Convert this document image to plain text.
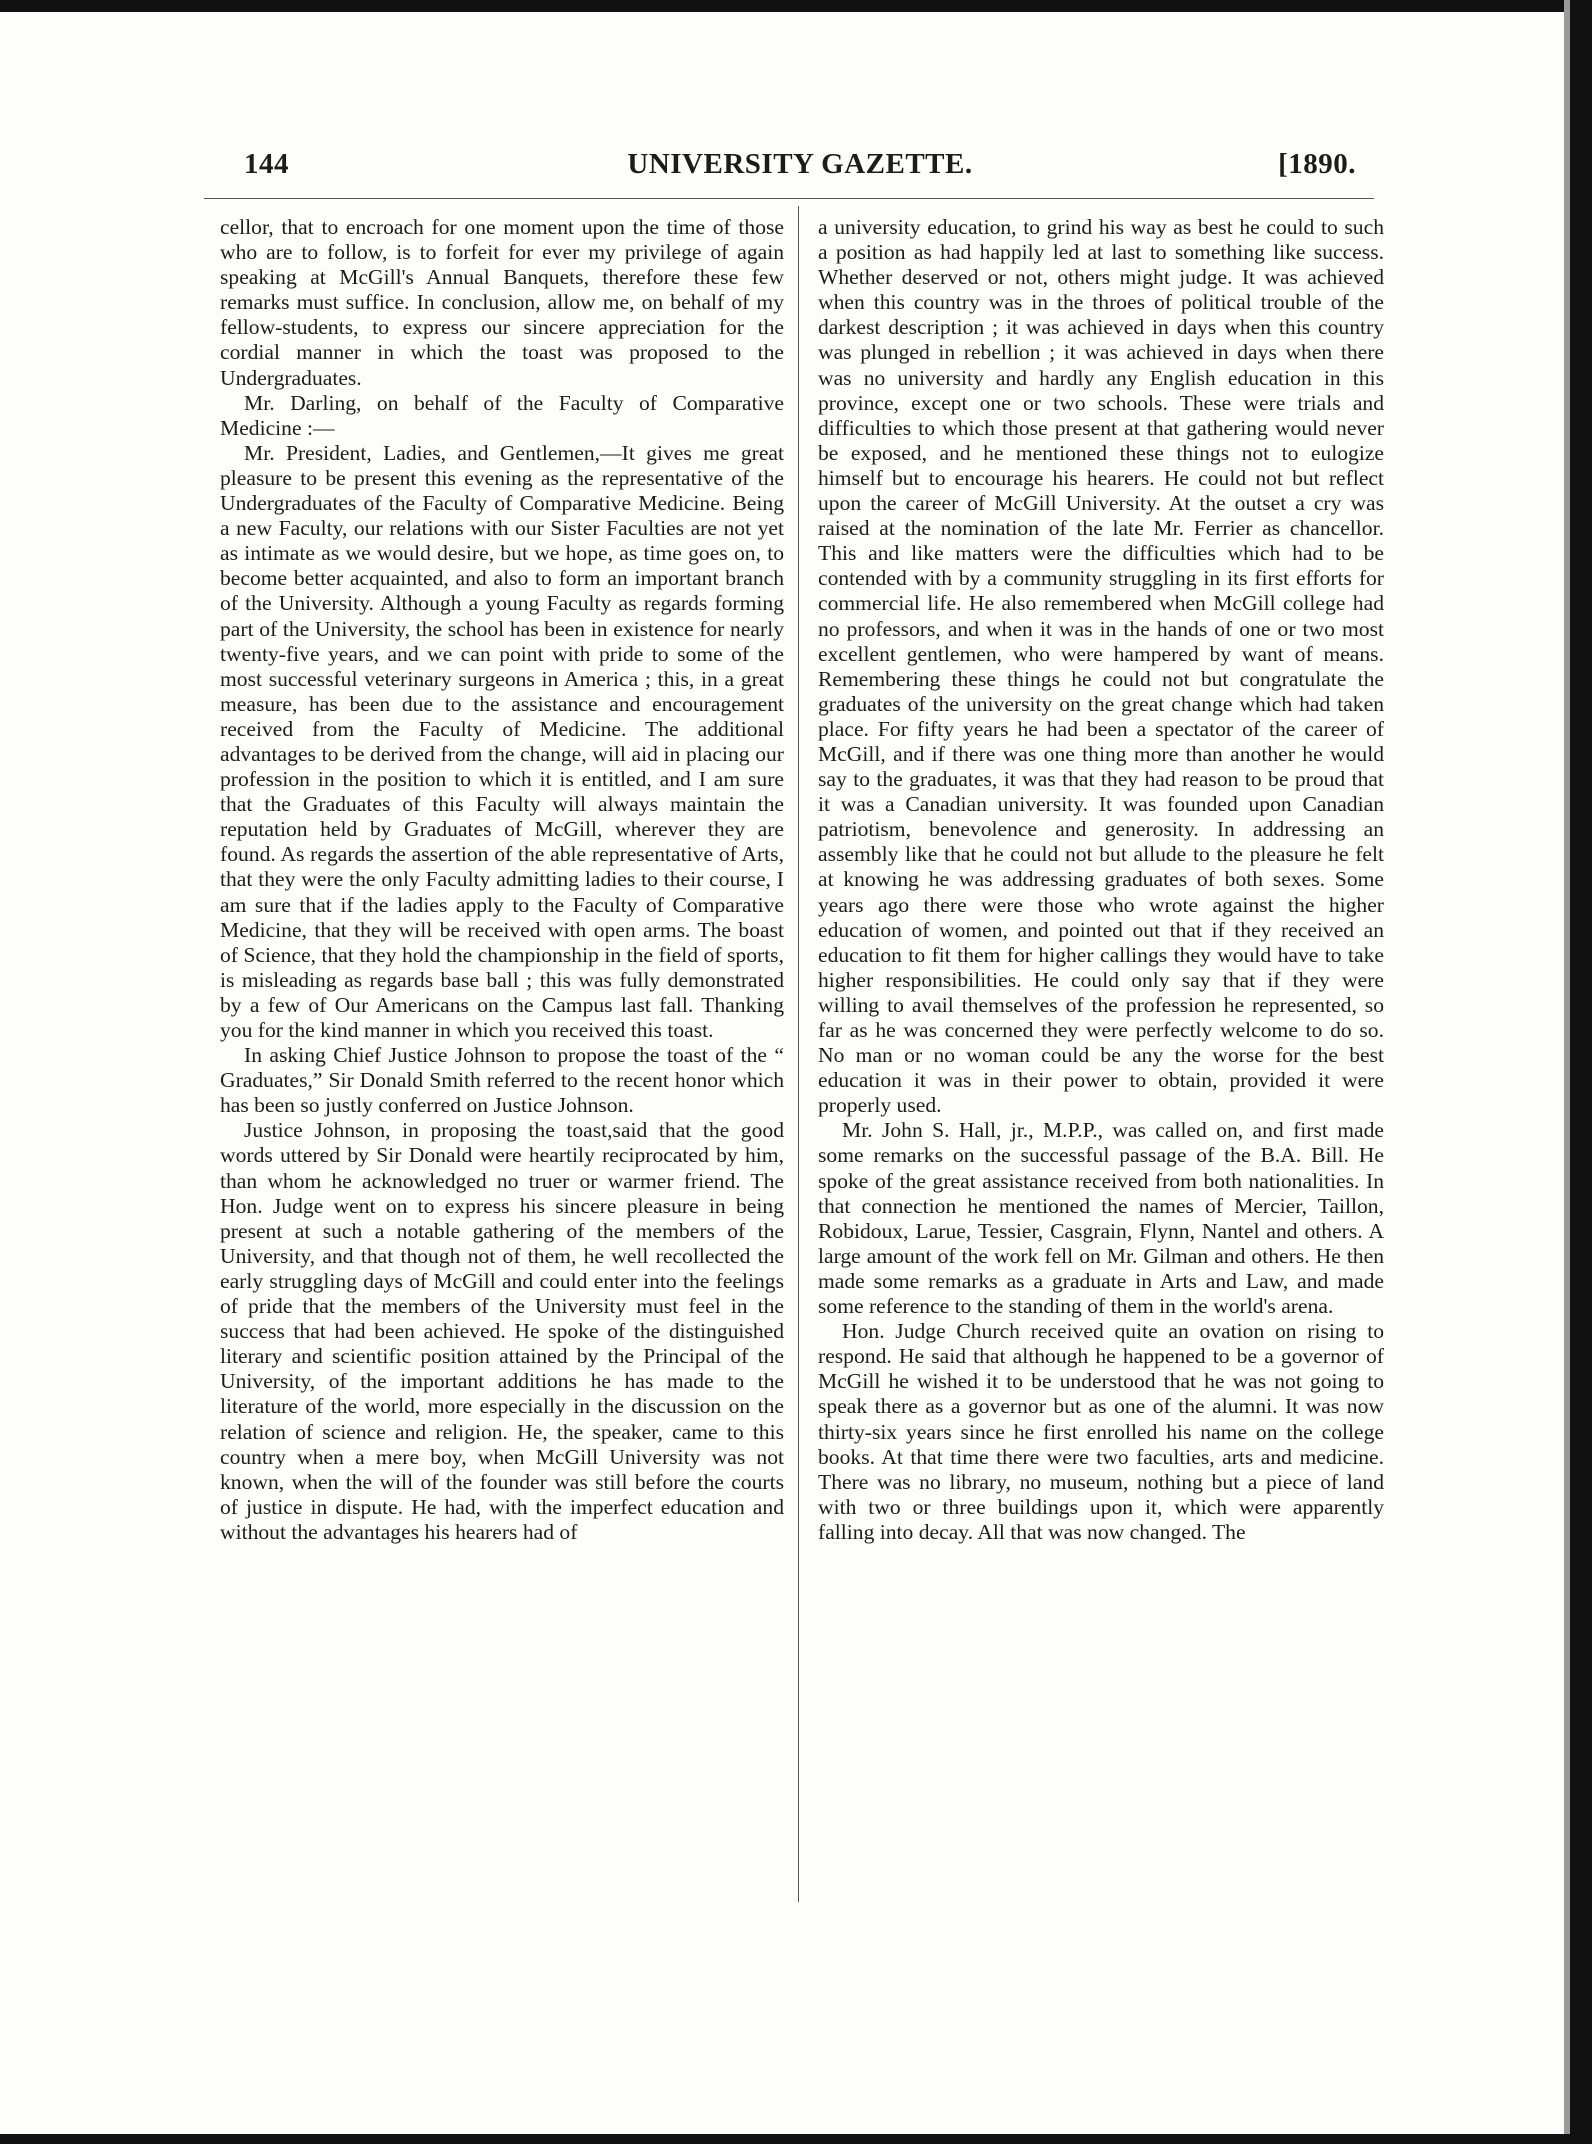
144	UNIVERSITY GAZETTE.	[1890.

cellor, that to encroach for one moment upon the time of those who are to follow, is to forfeit for ever my privilege of again speaking at McGill's Annual Banquets, therefore these few remarks must suffice. In conclusion, allow me, on behalf of my fellow-students, to express our sincere appreciation for the cordial manner in which the toast was proposed to the Undergraduates.

Mr. Darling, on behalf of the Faculty of Comparative Medicine :—

Mr. President, Ladies, and Gentlemen,—It gives me great pleasure to be present this evening as the representative of the Undergraduates of the Faculty of Comparative Medicine. Being a new Faculty, our relations with our Sister Faculties are not yet as intimate as we would desire, but we hope, as time goes on, to become better acquainted, and also to form an important branch of the University. Although a young Faculty as regards forming part of the University, the school has been in existence for nearly twenty-five years, and we can point with pride to some of the most successful veterinary surgeons in America ; this, in a great measure, has been due to the assistance and encouragement received from the Faculty of Medicine. The additional advantages to be derived from the change, will aid in placing our profession in the position to which it is entitled, and I am sure that the Graduates of this Faculty will always maintain the reputation held by Graduates of McGill, wherever they are found. As regards the assertion of the able representative of Arts, that they were the only Faculty admitting ladies to their course, I am sure that if the ladies apply to the Faculty of Comparative Medicine, that they will be received with open arms. The boast of Science, that they hold the championship in the field of sports, is misleading as regards base ball ; this was fully demonstrated by a few of Our Americans on the Campus last fall. Thanking you for the kind manner in which you received this toast.

In asking Chief Justice Johnson to propose the toast of the “ Graduates,” Sir Donald Smith referred to the recent honor which has been so justly conferred on Justice Johnson.

Justice Johnson, in proposing the toast,said that the good words uttered by Sir Donald were heartily reciprocated by him, than whom he acknowledged no truer or warmer friend. The Hon. Judge went on to express his sincere pleasure in being present at such a notable gathering of the members of the University, and that though not of them, he well recollected the early struggling days of McGill and could enter into the feelings of pride that the members of the University must feel in the success that had been achieved. He spoke of the distinguished literary and scientific position attained by the Principal of the University, of the important additions he has made to the literature of the world, more especially in the discussion on the relation of science and religion. He, the speaker, came to this country when a mere boy, when McGill University was not known, when the will of the founder was still before the courts of justice in dispute. He had, with the imperfect education and without the advantages his hearers had of

a university education, to grind his way as best he could to such a position as had happily led at last to something like success. Whether deserved or not, others might judge. It was achieved when this country was in the throes of political trouble of the darkest description ; it was achieved in days when this country was plunged in rebellion ; it was achieved in days when there was no university and hardly any English education in this province, except one or two schools. These were trials and difficulties to which those present at that gathering would never be exposed, and he mentioned these things not to eulogize himself but to encourage his hearers. He could not but reflect upon the career of McGill University. At the outset a cry was raised at the nomination of the late Mr. Ferrier as chancellor. This and like matters were the difficulties which had to be contended with by a community struggling in its first efforts for commercial life. He also remembered when McGill college had no professors, and when it was in the hands of one or two most excellent gentlemen, who were hampered by want of means. Remembering these things he could not but congratulate the graduates of the university on the great change which had taken place. For fifty years he had been a spectator of the career of McGill, and if there was one thing more than another he would say to the graduates, it was that they had reason to be proud that it was a Canadian university. It was founded upon Canadian patriotism, benevolence and generosity. In addressing an assembly like that he could not but allude to the pleasure he felt at knowing he was addressing graduates of both sexes. Some years ago there were those who wrote against the higher education of women, and pointed out that if they received an education to fit them for higher callings they would have to take higher responsibilities. He could only say that if they were willing to avail themselves of the profession he represented, so far as he was concerned they were perfectly welcome to do so. No man or no woman could be any the worse for the best education it was in their power to obtain, provided it were properly used.

Mr. John S. Hall, jr., M.P.P., was called on, and first made some remarks on the successful passage of the B.A. Bill. He spoke of the great assistance received from both nationalities. In that connection he mentioned the names of Mercier, Taillon, Robidoux, Larue, Tessier, Casgrain, Flynn, Nantel and others. A large amount of the work fell on Mr. Gilman and others. He then made some remarks as a graduate in Arts and Law, and made some reference to the standing of them in the world's arena.

Hon. Judge Church received quite an ovation on rising to respond. He said that although he happened to be a governor of McGill he wished it to be understood that he was not going to speak there as a governor but as one of the alumni. It was now thirty-six years since he first enrolled his name on the college books. At that time there were two faculties, arts and medicine. There was no library, no museum, nothing but a piece of land with two or three buildings upon it, which were apparently falling into decay. All that was now changed. The
